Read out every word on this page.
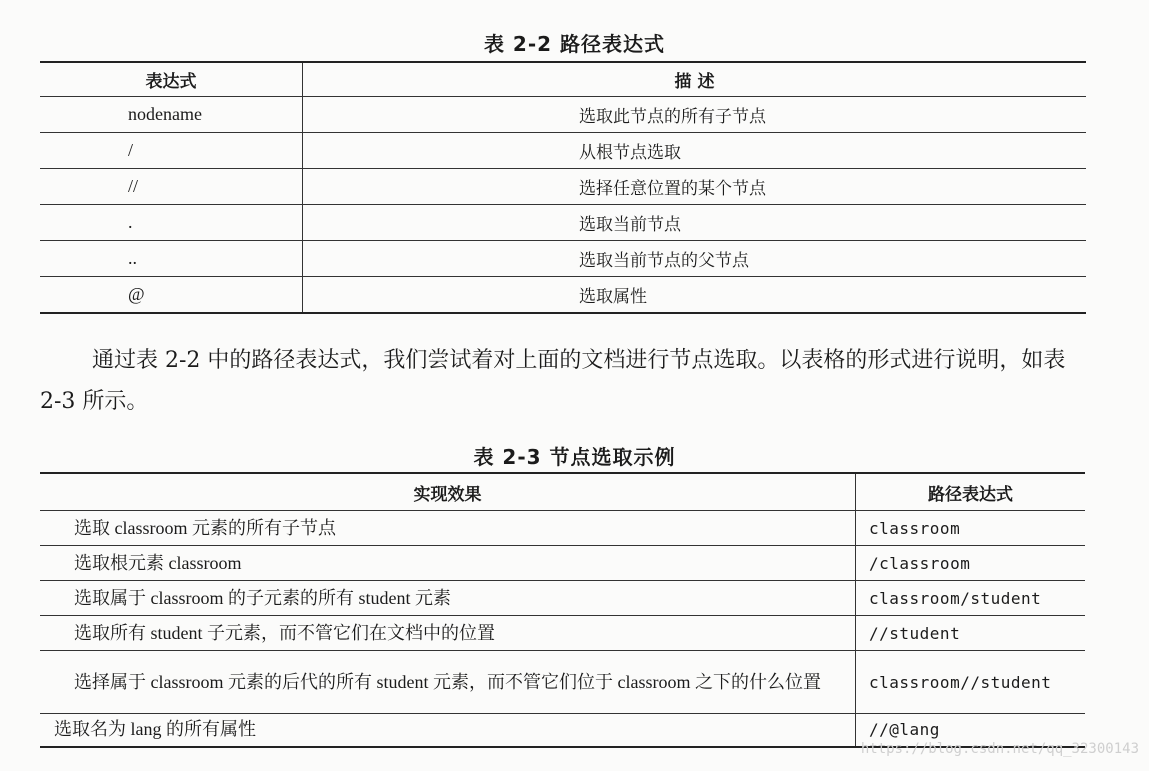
表 2-2 路径表达式
表达式	描 述
nodename	选取此节点的所有子节点
/	从根节点选取
//	选择任意位置的某个节点
.	选取当前节点
..	选取当前节点的父节点
@	选取属性
通过表 2-2 中的路径表达式，我们尝试着对上面的文档进行节点选取。以表格的形式进行说明，如表 2-3 所示。
表 2-3 节点选取示例
实现效果	路径表达式
选取 classroom 元素的所有子节点	classroom
选取根元素 classroom	/classroom
选取属于 classroom 的子元素的所有 student 元素	classroom/student
选取所有 student 子元素，而不管它们在文档中的位置	//student
选择属于 classroom 元素的后代的所有 student 元素，而不管它们位于 classroom 之下的什么位置	classroom//student
选取名为 lang 的所有属性	//@lang
https://blog.csdn.net/qq_32300143
